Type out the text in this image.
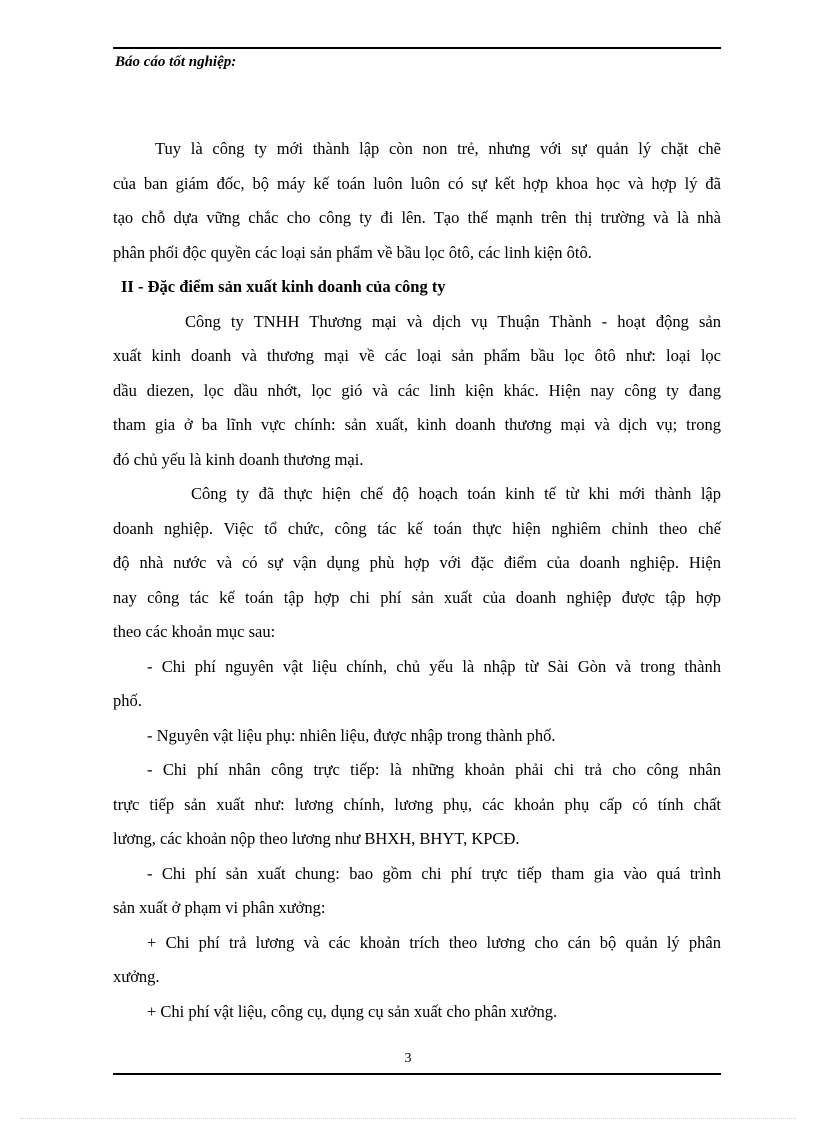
Báo cáo tốt nghiệp:
Tuy là công ty mới thành lập còn non trẻ, nhưng với sự quản lý chặt chẽ
của ban giám đốc, bộ máy kế toán luôn luôn có sự kết hợp khoa học và hợp lý đã
tạo chỗ dựa vững chắc cho công ty đi lên. Tạo thế mạnh trên thị trường và là nhà
phân phối độc quyền các loại sản phẩm về bầu lọc ôtô, các linh kiện ôtô.
II - Đặc điểm sản xuất kinh doanh của công ty
Công ty TNHH Thương mại và dịch vụ Thuận Thành - hoạt động sản
xuất kinh doanh và thương mại về các loại sản phẩm bầu lọc ôtô như: loại lọc
dầu diezen, lọc dầu nhớt, lọc gió và các linh kiện khác. Hiện nay công ty đang
tham gia ở ba lĩnh vực chính: sản xuất, kinh doanh thương mại và dịch vụ; trong
đó chủ yếu là kinh doanh thương mại.
Công ty đã thực hiện chế độ hoạch toán kinh tế từ khi mới thành lập
doanh nghiệp. Việc tổ chức, công tác kế toán thực hiện nghiêm chỉnh theo chế
độ nhà nước và có sự vận dụng phù hợp với đặc điểm của doanh nghiệp. Hiện
nay công tác kế toán tập hợp chi phí sản xuất của doanh nghiệp được tập hợp
theo các khoản mục sau:
- Chi phí nguyên vật liệu chính, chủ yếu là nhập từ Sài Gòn và trong thành
phố.
- Nguyên vật liệu phụ: nhiên liệu, được nhập trong thành phố.
- Chi phí nhân công trực tiếp: là những khoản phải chi trả cho công nhân
trực tiếp sản xuất như: lương chính, lương phụ, các khoản phụ cấp có tính chất
lương, các khoản nộp theo lương như BHXH, BHYT, KPCĐ.
- Chi phí sản xuất chung: bao gồm chi phí trực tiếp tham gia vào quá trình
sản xuất ở phạm vi phân xưởng:
+ Chi phí trả lương và các khoản trích theo lương cho cán bộ quản lý phân
xưởng.
+ Chi phí vật liệu, công cụ, dụng cụ sản xuất cho phân xưởng.
3
